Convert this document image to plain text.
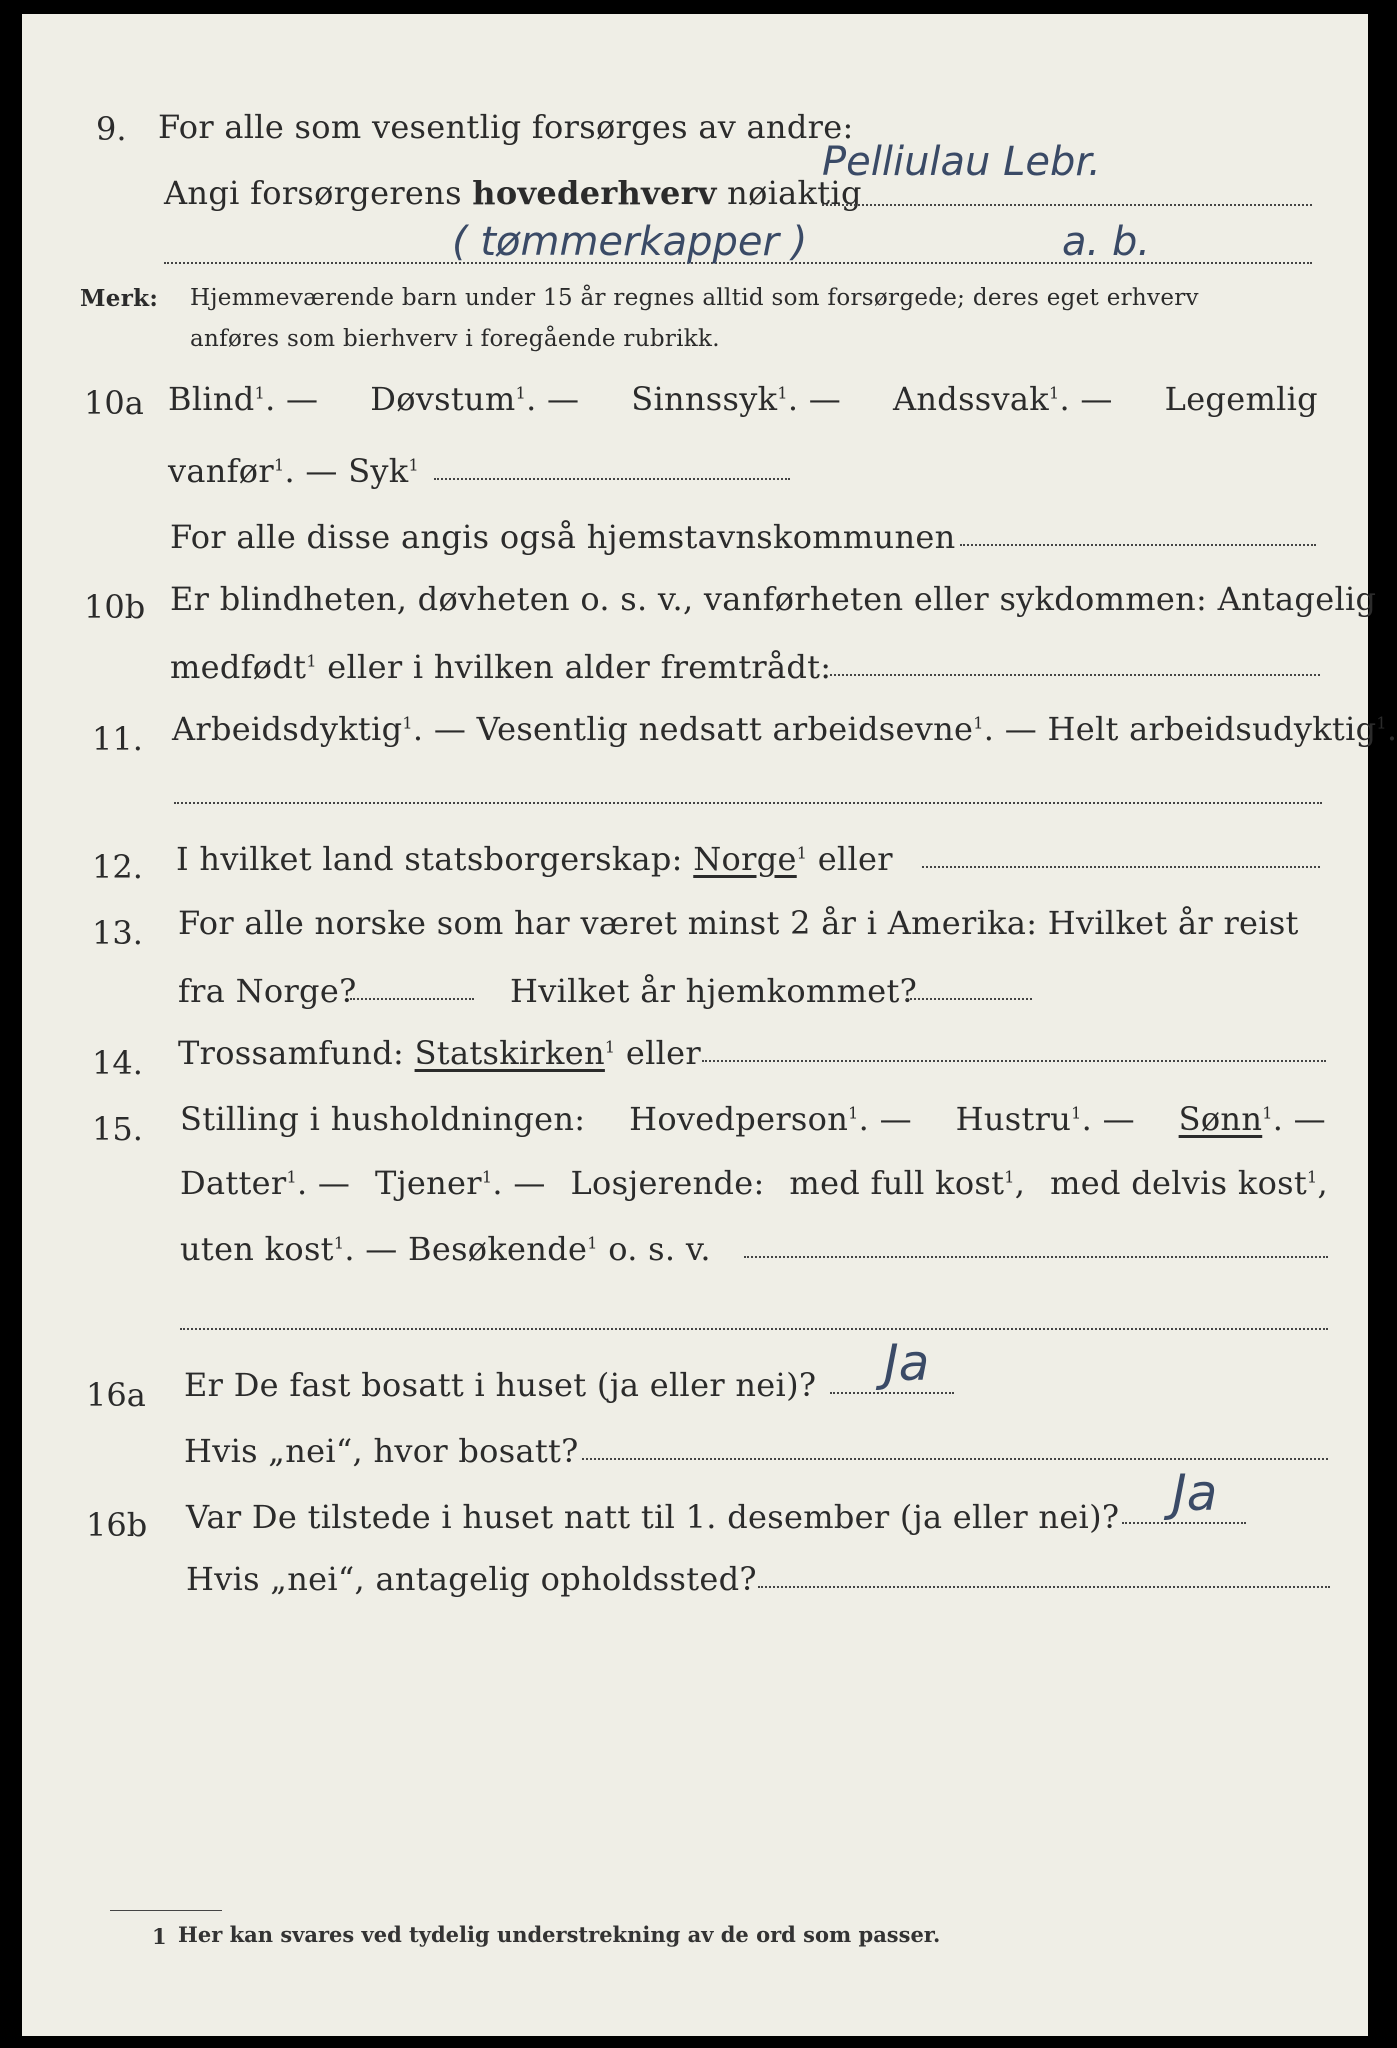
9. For alle som vesentlig forsørges av andre:
Angi forsørgerens hovederhverv nøiaktig
Pelliulau Lebr.
( tømmerkapper )	a. b.
Merk: Hjemmeværende barn under 15 år regnes alltid som forsørgede; deres eget erhverv
anføres som bierhverv i foregående rubrikk.
10a Blind$^1$. — Døvstum$^1$. — Sinnssyk$^1$. — Andssvak$^1$. — Legemlig
vanfør$^1$. — Syk$^1$
For alle disse angis også hjemstavnskommunen
10b Er blindheten, døvheten o. s. v., vanførheten eller sykdommen: Antagelig
medfødt$^1$ eller i hvilken alder fremtrådt:
11. Arbeidsdyktig$^1$. — Vesentlig nedsatt arbeidsevne$^1$. — Helt arbeidsudyktig$^1$.
12. I hvilket land statsborgerskap: Norge$^1$ eller
13. For alle norske som har været minst 2 år i Amerika: Hvilket år reist
fra Norge?	Hvilket år hjemkommet?
14. Trossamfund: Statskirken$^1$ eller
15. Stilling i husholdningen: Hovedperson$^1$. — Hustru$^1$. — Sønn$^1$. —
Datter$^1$. — Tjener$^1$. — Losjerende: med full kost$^1$, med delvis kost$^1$,
uten kost$^1$. — Besøkende$^1$ o. s. v.
16a Er De fast bosatt i huset (ja eller nei)? Ja
Hvis „nei“, hvor bosatt?
16b Var De tilstede i huset natt til 1. desember (ja eller nei)? Ja
Hvis „nei“, antagelig opholdssted?
1 Her kan svares ved tydelig understrekning av de ord som passer.
